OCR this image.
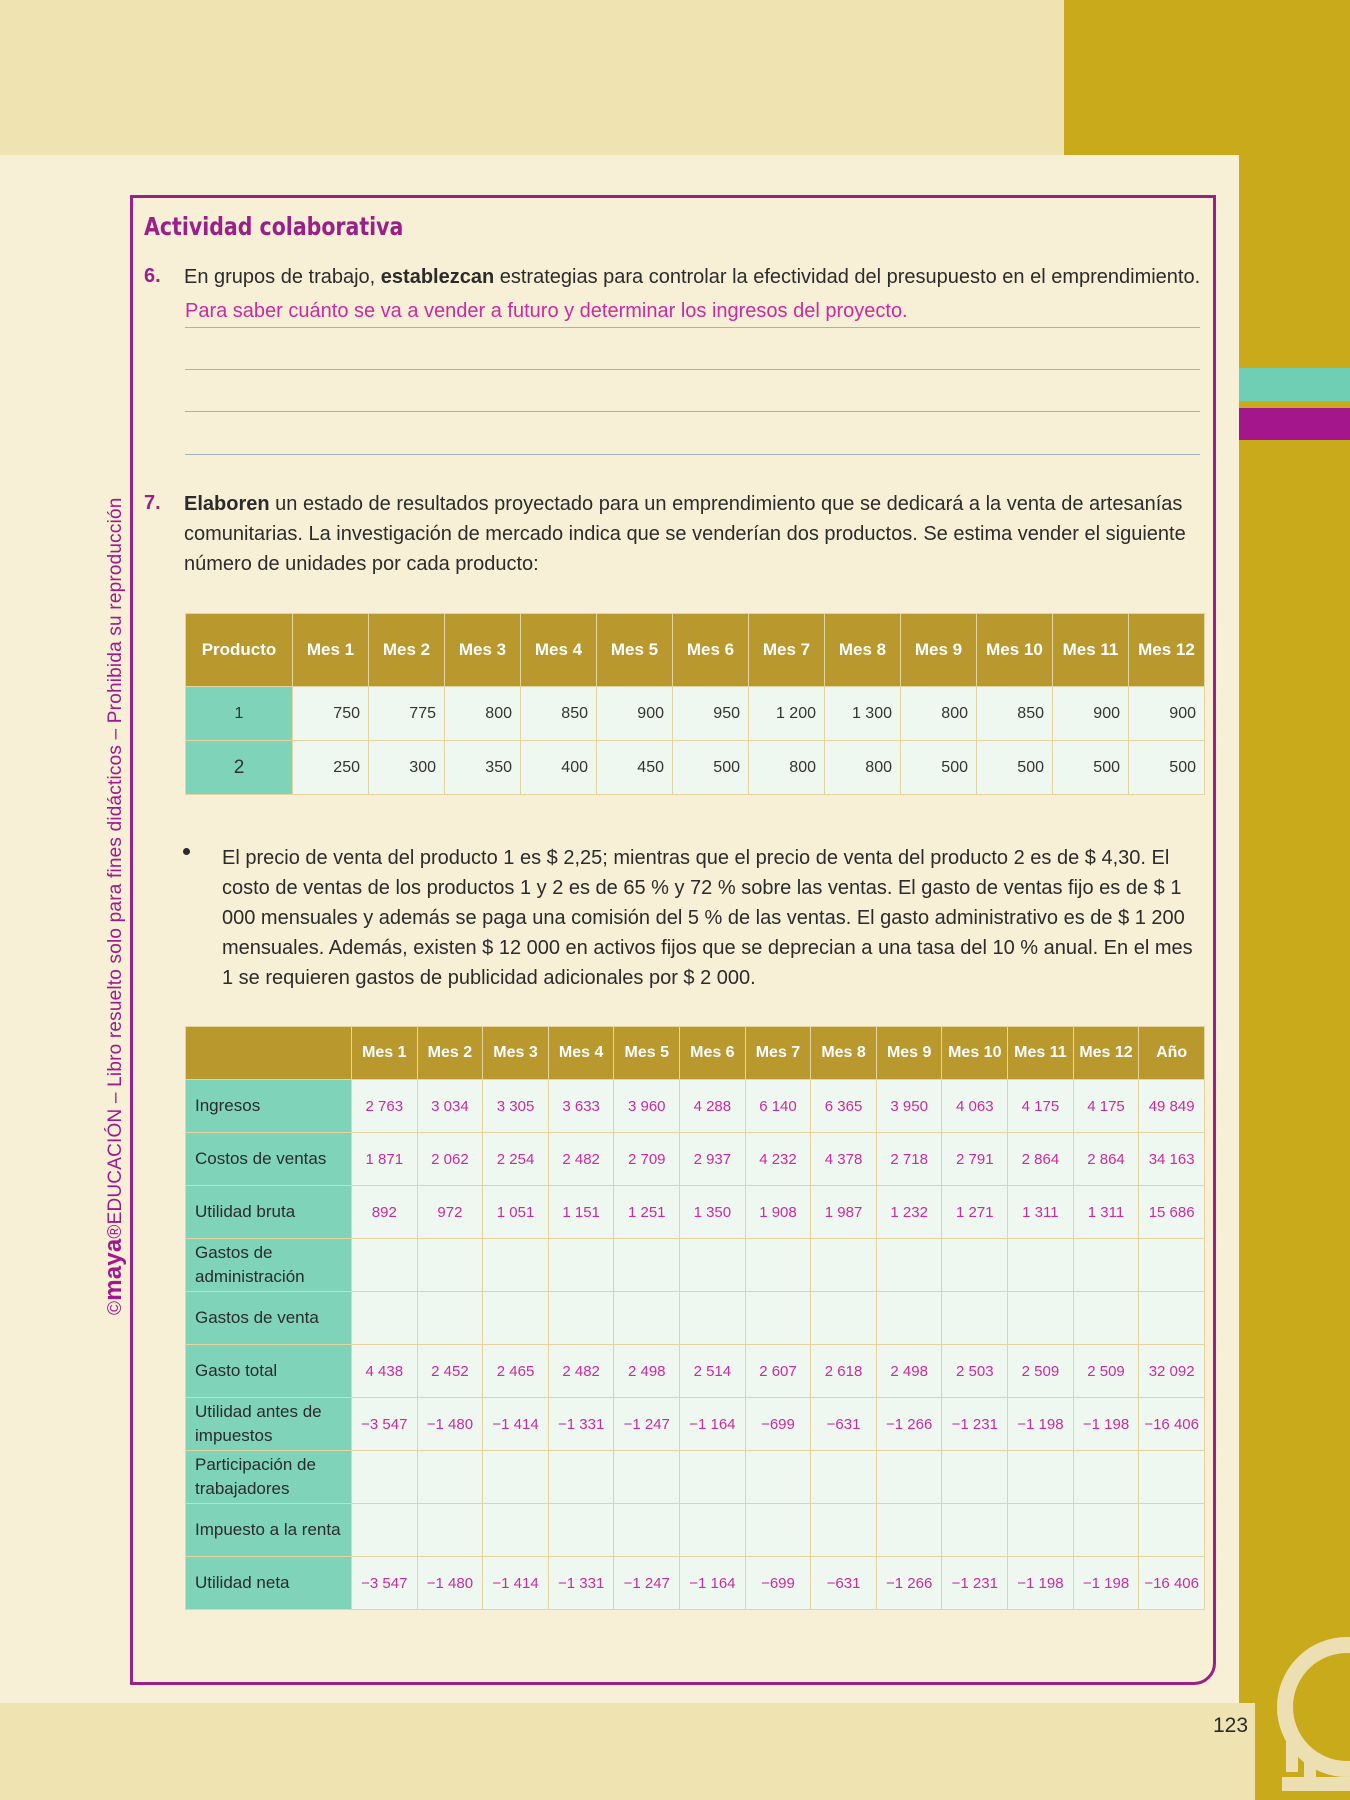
©maya®EDUCACIÓN – Libro resuelto solo para fines didácticos – Prohibida su reproducción
Actividad colaborativa
6. En grupos de trabajo, establezcan estrategias para controlar la efectividad del presupuesto en el emprendimiento.
Para saber cuánto se va a vender a futuro y determinar los ingresos del proyecto.
7. Elaboren un estado de resultados proyectado para un emprendimiento que se dedicará a la venta de artesanías comunitarias. La investigación de mercado indica que se venderían dos productos. Se estima vender el siguiente número de unidades por cada producto:
Producto	Mes 1	Mes 2	Mes 3	Mes 4	Mes 5	Mes 6	Mes 7	Mes 8	Mes 9	Mes 10	Mes 11	Mes 12
1	750	775	800	850	900	950	1 200	1 300	800	850	900	900
2	250	300	350	400	450	500	800	800	500	500	500	500
El precio de venta del producto 1 es $ 2,25; mientras que el precio de venta del producto 2 es de $ 4,30. El costo de ventas de los productos 1 y 2 es de 65 % y 72 % sobre las ventas. El gasto de ventas fijo es de $ 1 000 mensuales y además se paga una comisión del 5 % de las ventas. El gasto administrativo es de $ 1 200 mensuales. Además, existen $ 12 000 en activos fijos que se deprecian a una tasa del 10 % anual. En el mes 1 se requieren gastos de publicidad adicionales por $ 2 000.
	Mes 1	Mes 2	Mes 3	Mes 4	Mes 5	Mes 6	Mes 7	Mes 8	Mes 9	Mes 10	Mes 11	Mes 12	Año
Ingresos	2 763	3 034	3 305	3 633	3 960	4 288	6 140	6 365	3 950	4 063	4 175	4 175	49 849
Costos de ventas	1 871	2 062	2 254	2 482	2 709	2 937	4 232	4 378	2 718	2 791	2 864	2 864	34 163
Utilidad bruta	892	972	1 051	1 151	1 251	1 350	1 908	1 987	1 232	1 271	1 311	1 311	15 686
Gastos de administración													
Gastos de venta													
Gasto total	4 438	2 452	2 465	2 482	2 498	2 514	2 607	2 618	2 498	2 503	2 509	2 509	32 092
Utilidad antes de impuestos	−3 547	−1 480	−1 414	−1 331	−1 247	−1 164	−699	−631	−1 266	−1 231	−1 198	−1 198	−16 406
Participación de trabajadores													
Impuesto a la renta													
Utilidad neta	−3 547	−1 480	−1 414	−1 331	−1 247	−1 164	−699	−631	−1 266	−1 231	−1 198	−1 198	−16 406
123
